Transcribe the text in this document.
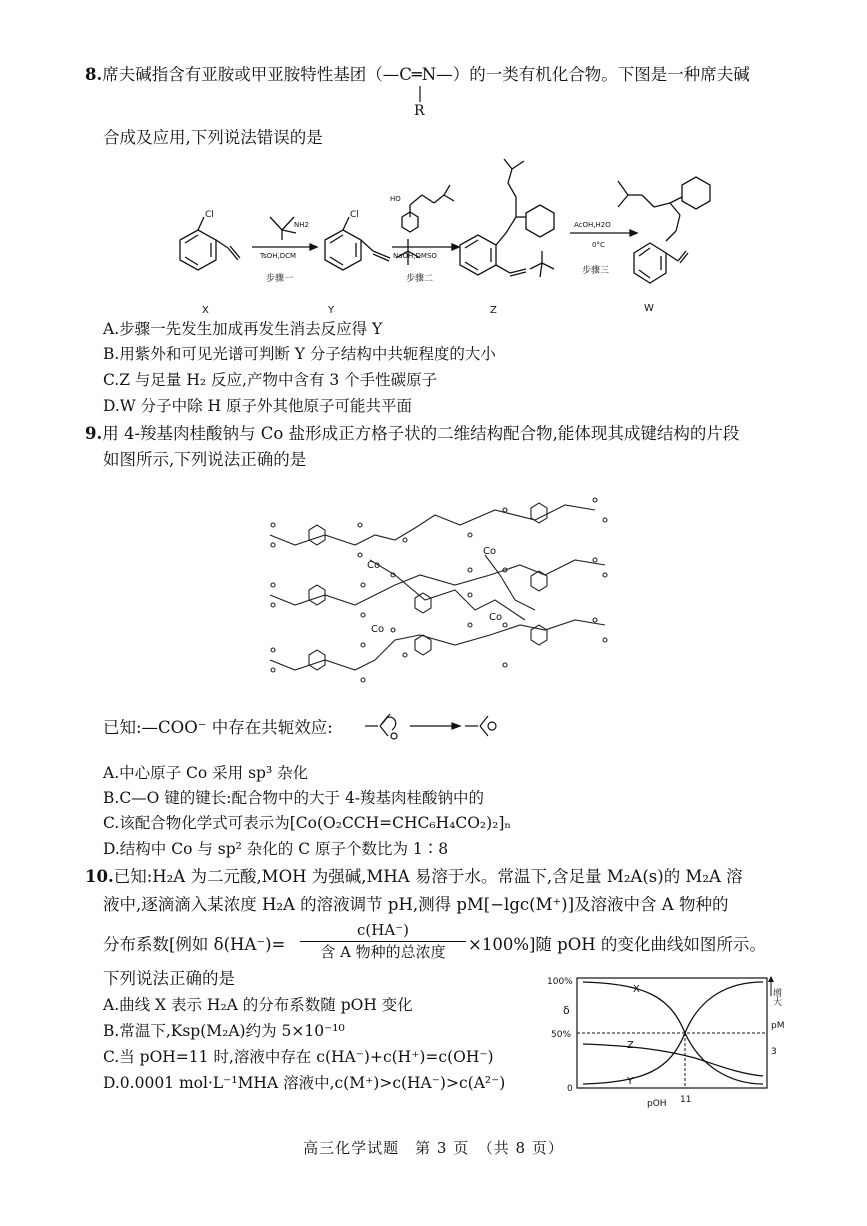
8.席夫碱指含有亚胺或甲亚胺特性基团（—C═N—）的一类有机化合物。下图是一种席夫碱
R
合成及应用,下列说法错误的是
Cl
NH2
TsOH,DCM
步骤一
Cl
HO
NaOH,DMSO
步骤二
AcOH,H2O
0°C
步骤三
X	Y	Z	W
A.步骤一先发生加成再发生消去反应得 Y
B.用紫外和可见光谱可判断 Y 分子结构中共轭程度的大小
C.Z 与足量 H₂ 反应,产物中含有 3 个手性碳原子
D.W 分子中除 H 原子外其他原子可能共平面
9.用 4-羧基肉桂酸钠与 Co 盐形成正方格子状的二维结构配合物,能体现其成键结构的片段
如图所示,下列说法正确的是
Co
Co
Co
Co
已知:—COO⁻ 中存在共轭效应:
A.中心原子 Co 采用 sp³ 杂化
B.C—O 键的键长:配合物中的大于 4-羧基肉桂酸钠中的
C.该配合物化学式可表示为[Co(O₂CCH=CHC₆H₄CO₂)₂]ₙ
D.结构中 Co 与 sp² 杂化的 C 原子个数比为 1∶8
10.已知:H₂A 为二元酸,MOH 为强碱,MHA 易溶于水。常温下,含足量 M₂A(s)的 M₂A 溶
液中,逐滴滴入某浓度 H₂A 的溶液调节 pH,测得 pM[−lgc(M⁺)]及溶液中含 A 物种的
分布系数[例如 δ(HA⁻)=
c(HA⁻)
含 A 物种的总浓度	×100%]随 pOH 的变化曲线如图所示。
下列说法正确的是
A.曲线 X 表示 H₂A 的分布系数随 pOH 变化
B.常温下,Ksp(M₂A)约为 5×10⁻¹⁰
C.当 pOH=11 时,溶液中存在 c(HA⁻)+c(H⁺)=c(OH⁻)
D.0.0001 mol·L⁻¹MHA 溶液中,c(M⁺)>c(HA⁻)>c(A²⁻)
100%
δ
50%
0
X
Z
Y
pM
3
pOH 11
增大
高三化学试题　第 3 页　（共 8 页）
